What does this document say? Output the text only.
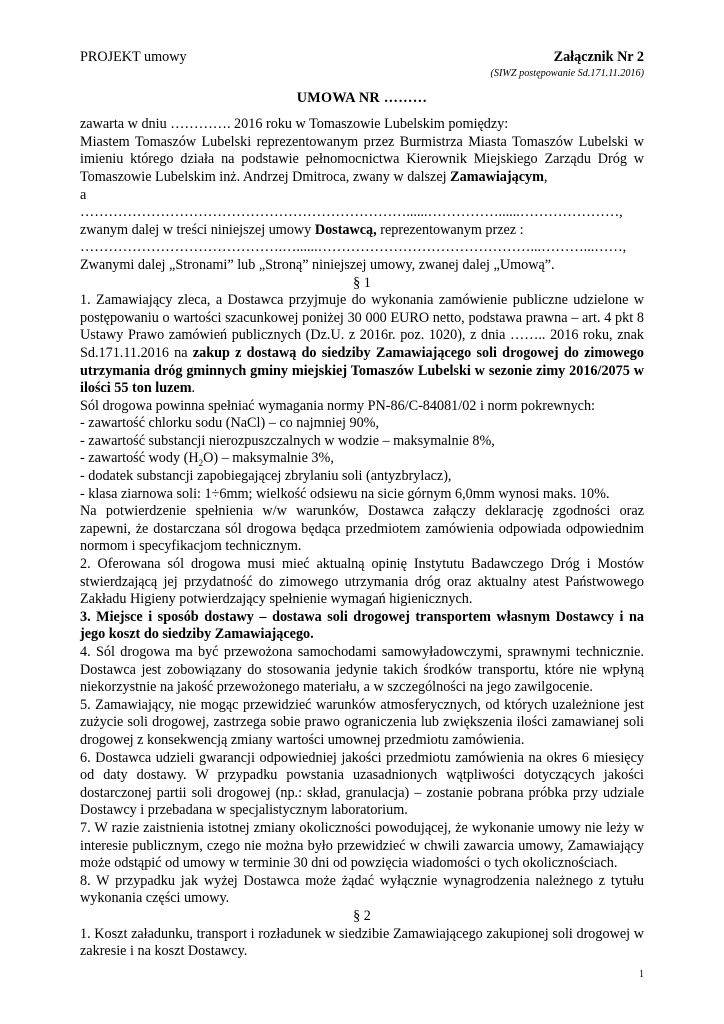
PROJEKT umowy	Załącznik Nr 2
(SIWZ postępowanie Sd.171.11.2016)
UMOWA NR ………

zawarta w dniu …………. 2016 roku w Tomaszowie Lubelskim pomiędzy:

Miastem Tomaszów Lubelski reprezentowanym przez Burmistrza Miasta Tomaszów Lubelski w imieniu którego działa na podstawie pełnomocnictwa Kierownik Miejskiego Zarządu Dróg w Tomaszowie Lubelskim inż. Andrzej Dmitroca, zwany w dalszej Zamawiającym,

a

……………………………………………………………......……………......…………………,

zwanym dalej w treści niniejszej umowy Dostawcą, reprezentowanym przez :

…………………………………….…......………………………………………...………...……,

Zwanymi dalej „Stronami” lub „Stroną” niniejszej umowy, zwanej dalej „Umową”.

§ 1

1. Zamawiający zleca, a Dostawca przyjmuje do wykonania zamówienie publiczne udzielone w postępowaniu o wartości szacunkowej poniżej 30 000 EURO netto, podstawa prawna – art. 4 pkt 8 Ustawy Prawo zamówień publicznych (Dz.U. z 2016r. poz. 1020), z dnia …….. 2016 roku, znak Sd.171.11.2016 na zakup z dostawą do siedziby Zamawiającego soli drogowej do zimowego utrzymania dróg gminnych gminy miejskiej Tomaszów Lubelski w sezonie zimy 2016/2075 w ilości 55 ton luzem.

Sól drogowa powinna spełniać wymagania normy PN-86/C-84081/02 i norm pokrewnych:

- zawartość chlorku sodu (NaCl) – co najmniej 90%,

- zawartość substancji nierozpuszczalnych w wodzie – maksymalnie 8%,

- zawartość wody $(H_2O)$ – maksymalnie 3%,

- dodatek substancji zapobiegającej zbrylaniu soli (antyzbrylacz),

- klasa ziarnowa soli: 1÷6mm; wielkość odsiewu na sicie górnym 6,0mm wynosi maks. 10%.

Na potwierdzenie spełnienia w/w warunków, Dostawca załączy deklarację zgodności oraz zapewni, że dostarczana sól drogowa będąca przedmiotem zamówienia odpowiada odpowiednim normom i specyfikacjom technicznym.

2. Oferowana sól drogowa musi mieć aktualną opinię Instytutu Badawczego Dróg i Mostów stwierdzającą jej przydatność do zimowego utrzymania dróg oraz aktualny atest Państwowego Zakładu Higieny potwierdzający spełnienie wymagań higienicznych.

3. Miejsce i sposób dostawy – dostawa soli drogowej transportem własnym Dostawcy i na jego koszt do siedziby Zamawiającego.

4. Sól drogowa ma być przewożona samochodami samowyładowczymi, sprawnymi technicznie. Dostawca jest zobowiązany do stosowania jedynie takich środków transportu, które nie wpłyną niekorzystnie na jakość przewożonego materiału, a w szczególności na jego zawilgocenie.

5. Zamawiający, nie mogąc przewidzieć warunków atmosferycznych, od których uzależnione jest zużycie soli drogowej, zastrzega sobie prawo ograniczenia lub zwiększenia ilości zamawianej soli drogowej z konsekwencją zmiany wartości umownej przedmiotu zamówienia.

6. Dostawca udzieli gwarancji odpowiedniej jakości przedmiotu zamówienia na okres 6 miesięcy od daty dostawy. W przypadku powstania uzasadnionych wątpliwości dotyczących jakości dostarczonej partii soli drogowej (np.: skład, granulacja) – zostanie pobrana próbka przy udziale Dostawcy i przebadana w specjalistycznym laboratorium.

7. W razie zaistnienia istotnej zmiany okoliczności powodującej, że wykonanie umowy nie leży w interesie publicznym, czego nie można było przewidzieć w chwili zawarcia umowy, Zamawiający może odstąpić od umowy w terminie 30 dni od powzięcia wiadomości o tych okolicznościach.

8. W przypadku jak wyżej Dostawca może żądać wyłącznie wynagrodzenia należnego z tytułu wykonania części umowy.

§ 2

1. Koszt załadunku, transport i rozładunek w siedzibie Zamawiającego zakupionej soli drogowej w zakresie i na koszt Dostawcy.

1
